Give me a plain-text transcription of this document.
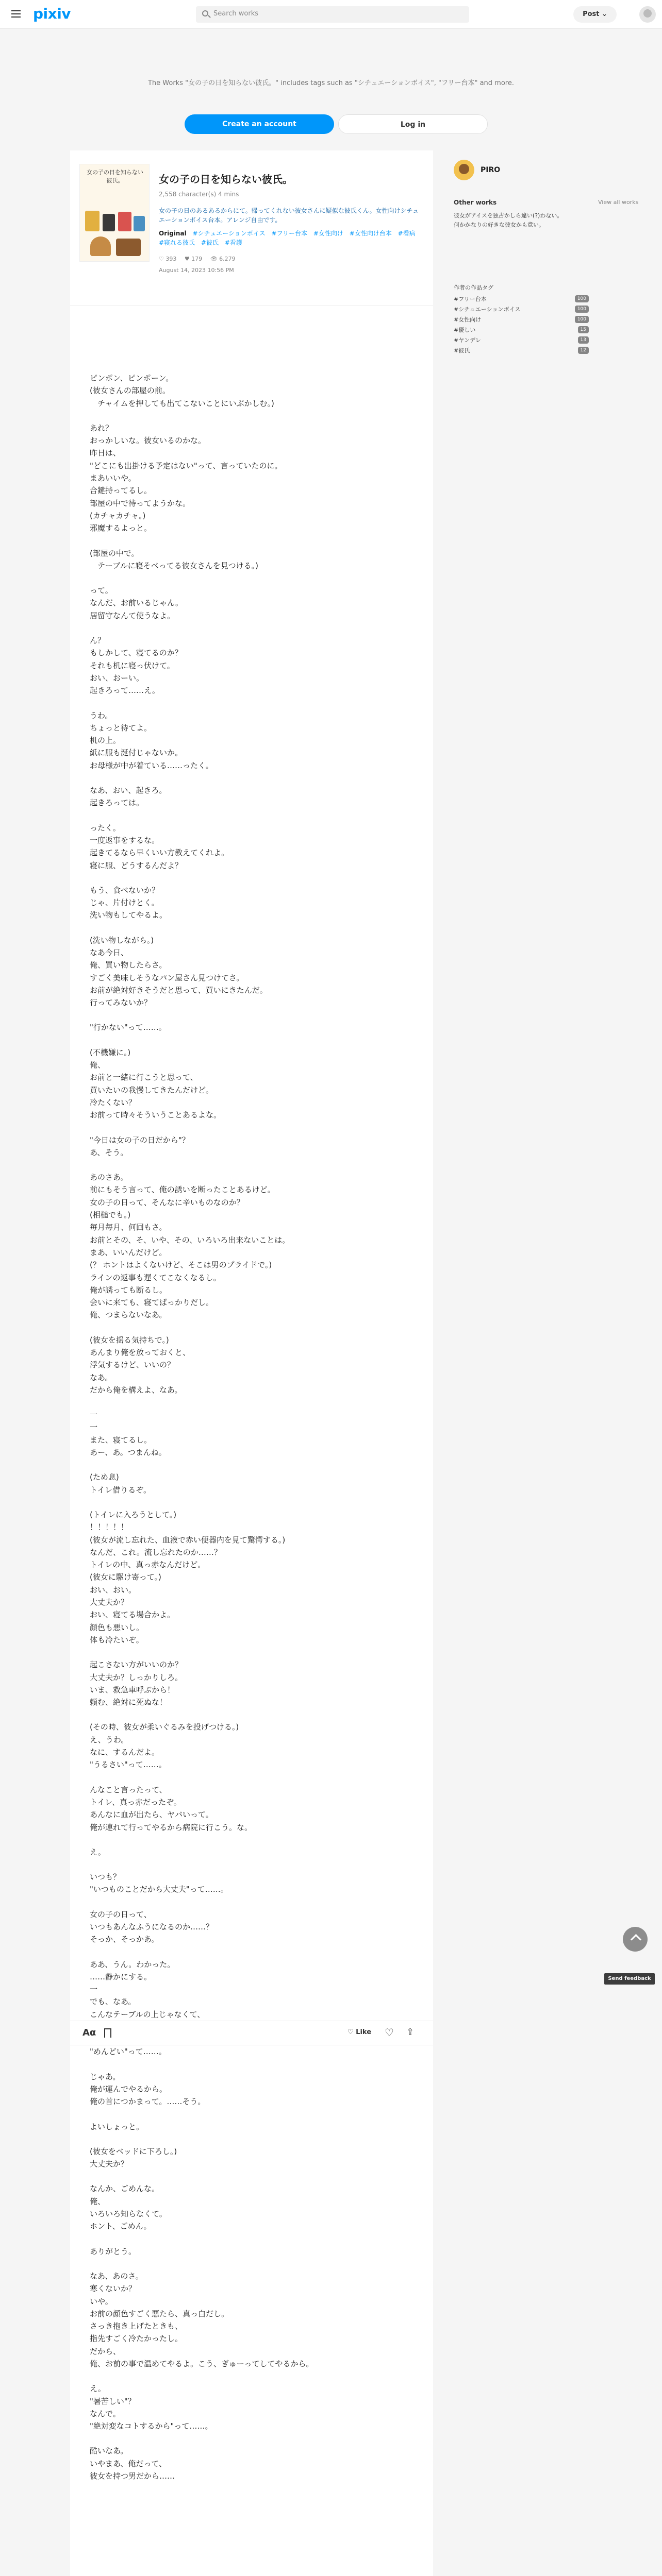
pixiv	Search works	Post ⌄

The Works "女の子の日を知らない彼氏。" includes tags such as "シチュエーションボイス", "フリー台本" and more.

Create an account	Log in
女の子の日を知らない彼氏。	女の子の日を知らない彼氏。
2,558 character(s) 4 mins
女の子の日のあるあるからにて。帰ってくれない彼女さんに疑似な彼氏くん。女性向けシチュエーションボイス台本。アレンジ自由です。
Original #シチュエーションボイス #フリー台本 #女性向け #女性向け台本 #看病 #寝れる彼氏 #彼氏 #看護
♡ 393 ♥ 179 👁 6,279
August 14, 2023 10:56 PM
ピンポン、ピンポーン。
(彼女さんの部屋の前。
　チャイムを押しても出てこないことにいぶかしむ。)
あれ？
おっかしいな。彼女いるのかな。
昨日は、
"どこにも出掛ける予定はない"って、言っていたのに。
まあいいや。
合鍵持ってるし。
部屋の中で待ってようかな。
(カチャカチャ。)
邪魔するよっと。
(部屋の中で。
　テーブルに寝そべってる彼女さんを見つける。)
って。
なんだ、お前いるじゃん。
居留守なんて使うなよ。
ん？
もしかして、寝てるのか？
それも机に寝っ伏けて。
おい、おーい。
起きろって……え。
うわ。
ちょっと待てよ。
机の上。
紙に服も涎付じゃないか。
お母様が中が着ている……ったく。
なあ、おい、起きろ。
起きろっては。
ったく。
一度返事をするな。
起きてるなら早くいい方教えてくれよ。
寝に服、どうするんだよ？
もう、食べないか？
じゃ、片付けとく。
洗い物もしてやるよ。
(洗い物しながら。)
なあ今日、
俺、買い物したらさ。
すごく美味しそうなパン屋さん見つけてさ。
お前が絶対好きそうだと思って、買いにきたんだ。
行ってみないか？
"行かない"って……。
(不機嫌に。)
俺、
お前と一緒に行こうと思って、
買いたいの我慢してきたんだけど。
冷たくない？
お前って時々そういうことあるよな。
"今日は女の子の日だから"？
あ、そう。
あのさあ。
前にもそう言って、俺の誘いを断ったことあるけど。
女の子の日って、そんなに辛いものなのか？
(相槌でも。)
毎月毎月、何回もさ。
お前とその、そ、いや、その、いろいろ出来ないことは。
まあ、いいんだけど。
(？ ホントはよくないけど、そこは男のプライドで。)
ラインの返事も遅くてこなくなるし。
俺が誘っても断るし。
会いに来ても、寝てばっかりだし。
俺、つまらないなあ。
(彼女を揺る気持ちで。)
あんまり俺を放っておくと、
浮気するけど、いいの？
なあ。
だから俺を構えよ、なあ。
一
一
また、寝てるし。
あー、あ。つまんね。
(ため息)
トイレ借りるぞ。
(トイレに入ろうとして。)
！！！！！
(彼女が流し忘れた、血液で赤い便器内を見て驚愕する。)
なんだ、これ。流し忘れたのか……？
トイレの中、真っ赤なんだけど。
(彼女に駆け寄って。)
おい、おい。
大丈夫か？
おい、寝てる場合かよ。
顔色も悪いし。
体も冷たいぞ。
起こさない方がいいのか？
大丈夫か？しっかりしろ。
いま、救急車呼ぶから！
頼む、絶対に死ぬな！
(その時、彼女が柔いぐるみを投げつける。)
え、うわ。
なに、するんだよ。
"うるさい"って……。
んなこと言ったって、
トイレ、真っ赤だったぞ。
あんなに血が出たら、ヤバいって。
俺が連れて行ってやるから病院に行こう。な。
え。
いつも？
"いつものことだから大丈夫"って……。
女の子の日って、
いつもあんなふうになるのか……？
そっか、そっかあ。
ああ、うん。わかった。
……静かにする。
一
でも、なあ。
こんなテーブルの上じゃなくて、

"めんどい"って……。
じゃあ。
俺が運んでやるから。
俺の首につかまって。……そう。
よいしょっと。
(彼女をベッドに下ろし。)
大丈夫か？
なんか、ごめんな。
俺、
いろいろ知らなくて。
ホント、ごめん。
ありがとう。
なあ、あのさ。
寒くないか？
いや。
お前の顔色すごく悪たら、真っ白だし。
さっき抱き上げたときも、
指先すごく冷たかったし。
だから、
俺、お前の事で温めてやるよ。こう、ぎゅーってしてやるから。
え。
"暑苦しい"？
なんで。
"絶対変なコトするから"って……。
酷いなあ。
いやまあ、俺だって、
彼女を持つ男だから……
Aα	♡ Like ♡ ⇪
PIRO
Other works	View all works
彼女がアイスを独占かしら違い(?)わない。
何かかなりの好きな彼女かも意い。
作者の作品タグ
#フリー台本	100
#シチュエーションボイス	100
#女性向け	100
#優しい	15
#ヤンデレ	13
#彼氏	12
Send feedback
